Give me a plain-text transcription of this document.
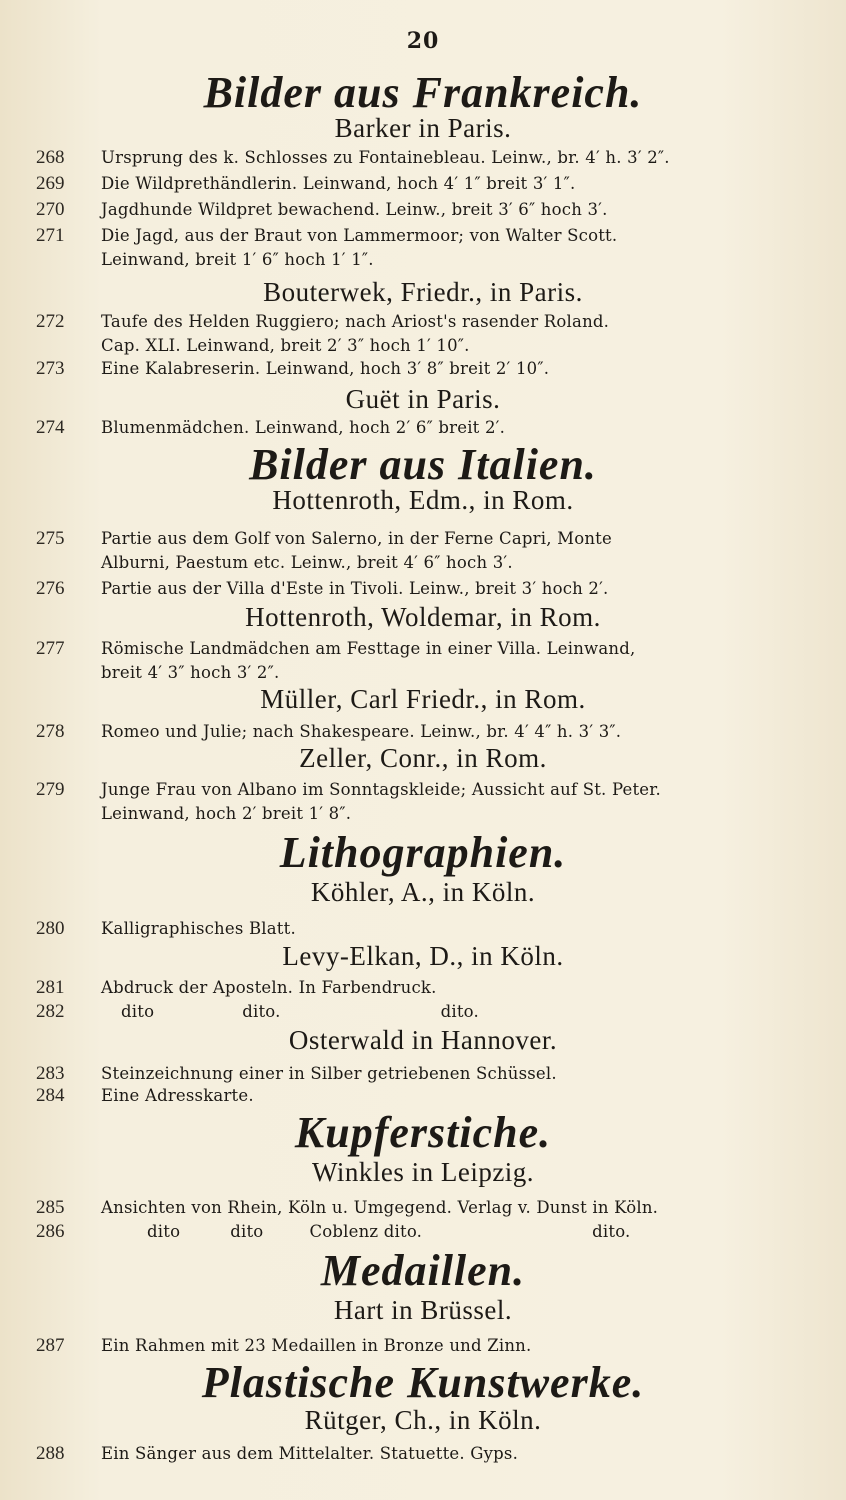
20
Bilder aus Frankreich.
Barker in Paris.
268	Ursprung des k. Schlosses zu Fontainebleau. Leinw., br. 4′ h. 3′ 2″.
269	Die Wildprethändlerin. Leinwand, hoch 4′ 1″ breit 3′ 1″.
270	Jagdhunde Wildpret bewachend. Leinw., breit 3′ 6″ hoch 3′.
271	Die Jagd, aus der Braut von Lammermoor; von Walter Scott.
Leinwand, breit 1′ 6″ hoch 1′ 1″.
Bouterwek, Friedr., in Paris.
272	Taufe des Helden Ruggiero; nach Ariost's rasender Roland.
Cap. XLI. Leinwand, breit 2′ 3″ hoch 1′ 10″.
273	Eine Kalabreserin. Leinwand, hoch 3′ 8″ breit 2′ 10″.
Guët in Paris.
274	Blumenmädchen. Leinwand, hoch 2′ 6″ breit 2′.
Bilder aus Italien.
Hottenroth, Edm., in Rom.
275	Partie aus dem Golf von Salerno, in der Ferne Capri, Monte
Alburni, Paestum etc. Leinw., breit 4′ 6″ hoch 3′.
276	Partie aus der Villa d'Este in Tivoli. Leinw., breit 3′ hoch 2′.
Hottenroth, Woldemar, in Rom.
277	Römische Landmädchen am Festtage in einer Villa. Leinwand,
breit 4′ 3″ hoch 3′ 2″.
Müller, Carl Friedr., in Rom.
278	Romeo und Julie; nach Shakespeare. Leinw., br. 4′ 4″ h. 3′ 3″.
Zeller, Conr., in Rom.
279	Junge Frau von Albano im Sonntagskleide; Aussicht auf St. Peter.
Leinwand, hoch 2′ breit 1′ 8″.
Lithographien.
Köhler, A., in Köln.
280	Kalligraphisches Blatt.
Levy-Elkan, D., in Köln.
281	Abdruck der Aposteln. In Farbendruck.
282	dito	dito.	dito.
Osterwald in Hannover.
283	Steinzeichnung einer in Silber getriebenen Schüssel.
284	Eine Adresskarte.
Kupferstiche.
Winkles in Leipzig.
285	Ansichten von Rhein, Köln u. Umgegend. Verlag v. Dunst in Köln.
286	dito	dito	Coblenz dito.	dito.
Medaillen.
Hart in Brüssel.
287	Ein Rahmen mit 23 Medaillen in Bronze und Zinn.
Plastische Kunstwerke.
Rütger, Ch., in Köln.
288	Ein Sänger aus dem Mittelalter. Statuette. Gyps.
